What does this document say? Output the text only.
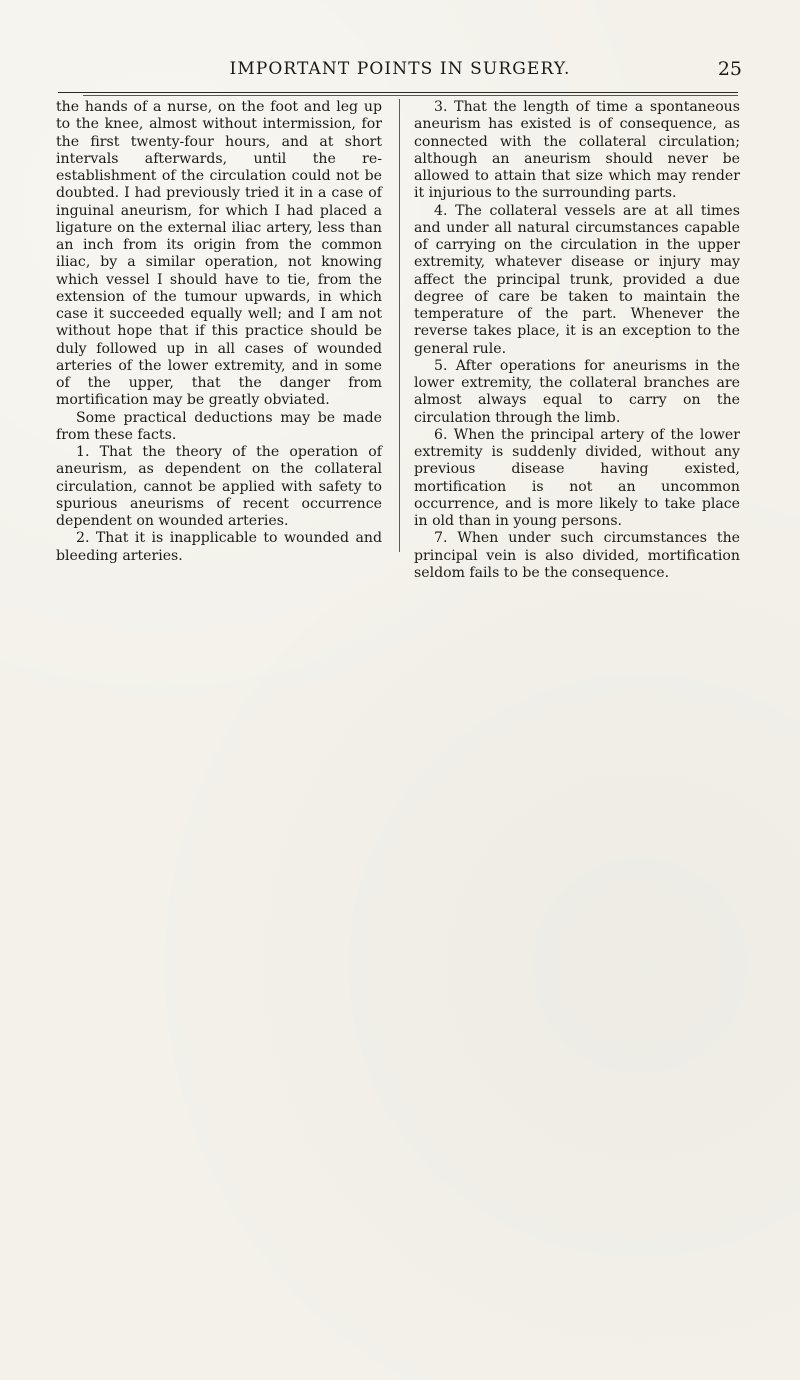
IMPORTANT POINTS IN SURGERY.	25

the hands of a nurse, on the foot and leg up to the knee, almost without intermission, for the first twenty-four hours, and at short intervals afterwards, until the re-establishment of the circulation could not be doubted. I had previously tried it in a case of inguinal aneurism, for which I had placed a ligature on the external iliac artery, less than an inch from its origin from the common iliac, by a similar operation, not knowing which vessel I should have to tie, from the extension of the tumour upwards, in which case it succeeded equally well; and I am not without hope that if this practice should be duly followed up in all cases of wounded arteries of the lower extremity, and in some of the upper, that the danger from mortification may be greatly obviated.

Some practical deductions may be made from these facts.

1. That the theory of the operation of aneurism, as dependent on the collateral circulation, cannot be applied with safety to spurious aneurisms of recent occurrence dependent on wounded arteries.

2. That it is inapplicable to wounded and bleeding arteries.

3. That the length of time a spontaneous aneurism has existed is of consequence, as connected with the collateral circulation; although an aneurism should never be allowed to attain that size which may render it injurious to the surrounding parts.

4. The collateral vessels are at all times and under all natural circumstances capable of carrying on the circulation in the upper extremity, whatever disease or injury may affect the principal trunk, provided a due degree of care be taken to maintain the temperature of the part. Whenever the reverse takes place, it is an exception to the general rule.

5. After operations for aneurisms in the lower extremity, the collateral branches are almost always equal to carry on the circulation through the limb.

6. When the principal artery of the lower extremity is suddenly divided, without any previous disease having existed, mortification is not an uncommon occurrence, and is more likely to take place in old than in young persons.

7. When under such circumstances the principal vein is also divided, mortification seldom fails to be the consequence.
